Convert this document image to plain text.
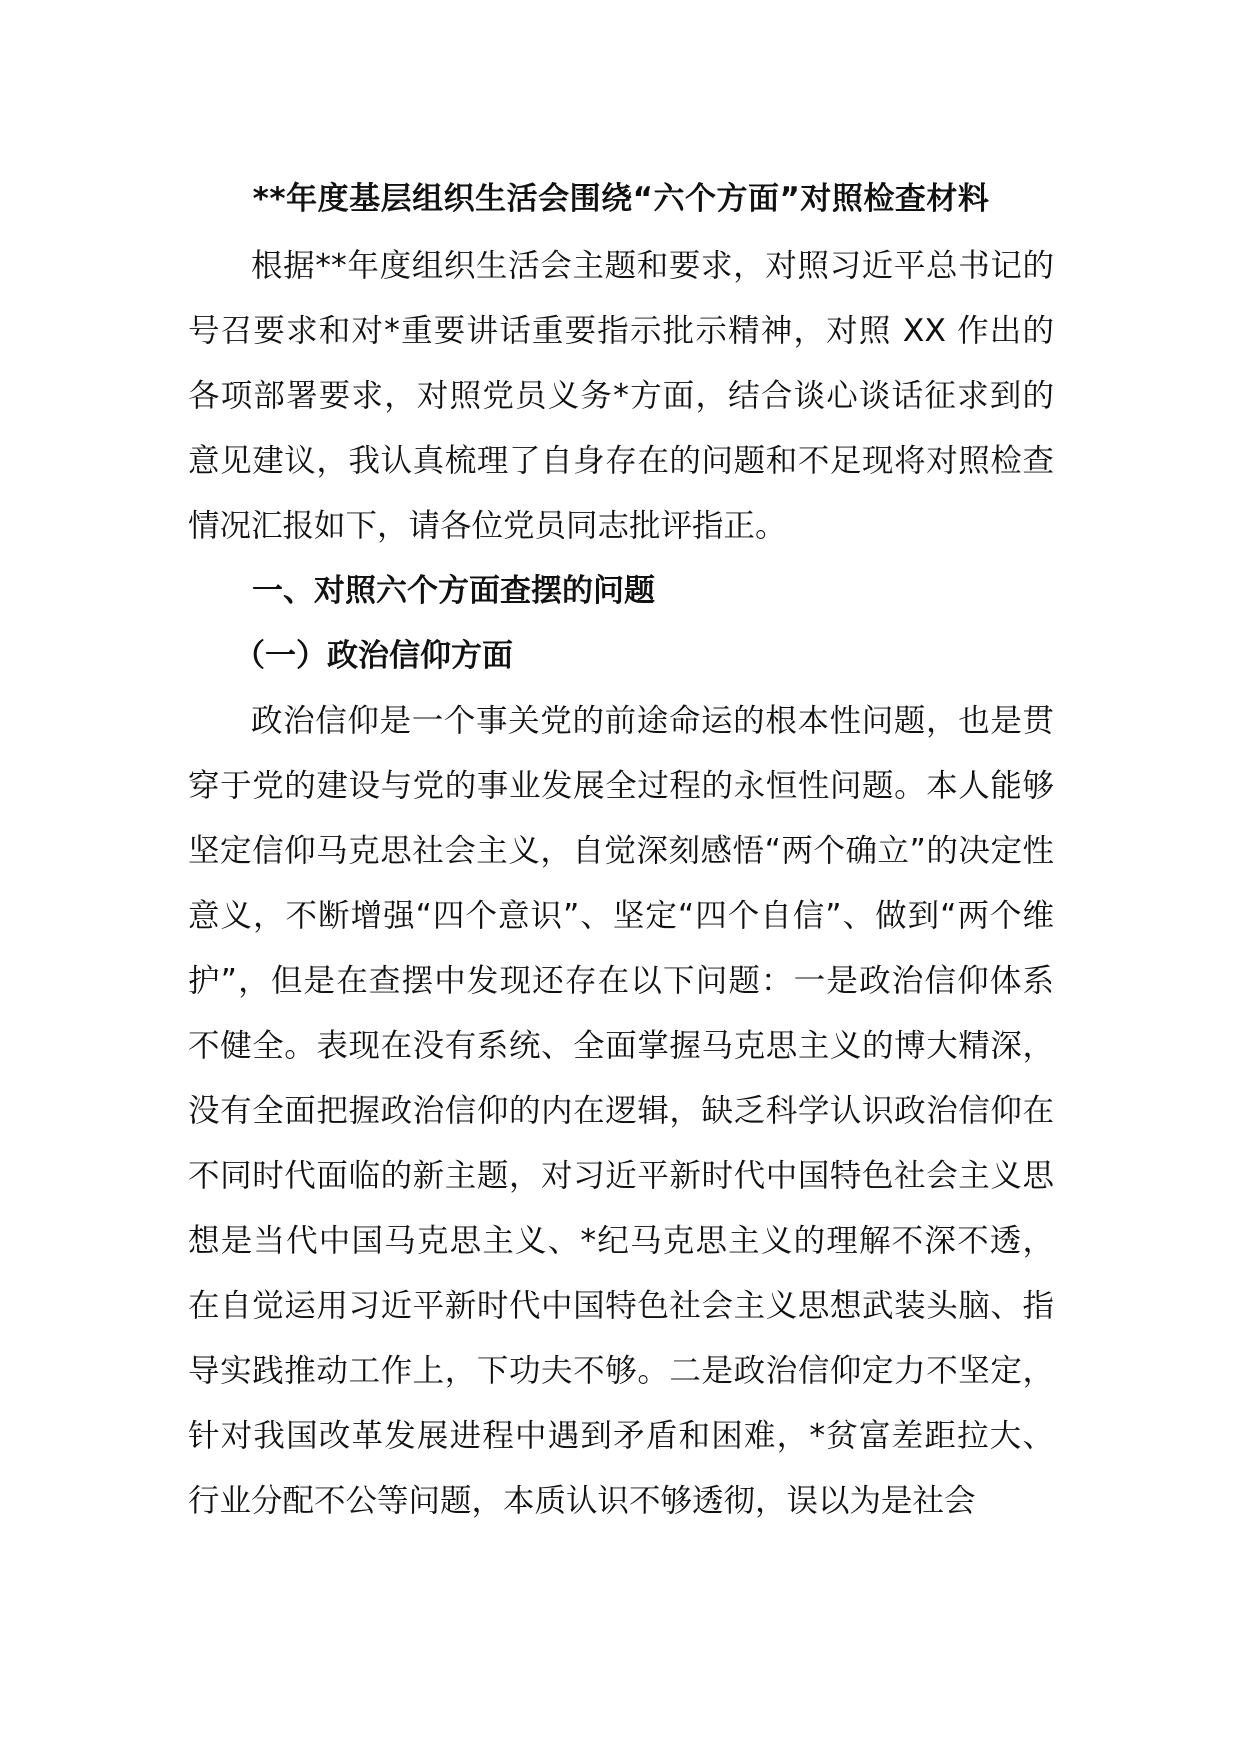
**年度基层组织生活会围绕“六个方面”对照检查材料

根据**年度组织生活会主题和要求，对照习近平总书记的号召要求和对*重要讲话重要指示批示精神，对照 XX 作出的各项部署要求，对照党员义务*方面，结合谈心谈话征求到的意见建议，我认真梳理了自身存在的问题和不足现将对照检查情况汇报如下，请各位党员同志批评指正。

一、对照六个方面查摆的问题
（一）政治信仰方面

政治信仰是一个事关党的前途命运的根本性问题，也是贯穿于党的建设与党的事业发展全过程的永恒性问题。本人能够坚定信仰马克思社会主义，自觉深刻感悟“两个确立”的决定性意义，不断增强“四个意识”、坚定“四个自信”、做到“两个维护”，但是在查摆中发现还存在以下问题：一是政治信仰体系不健全。表现在没有系统、全面掌握马克思主义的博大精深，没有全面把握政治信仰的内在逻辑，缺乏科学认识政治信仰在不同时代面临的新主题，对习近平新时代中国特色社会主义思想是当代中国马克思主义、*纪马克思主义的理解不深不透，在自觉运用习近平新时代中国特色社会主义思想武装头脑、指导实践推动工作上，下功夫不够。二是政治信仰定力不坚定，针对我国改革发展进程中遇到矛盾和困难，*贫富差距拉大、行业分配不公等问题，本质认识不够透彻，误以为是社会
